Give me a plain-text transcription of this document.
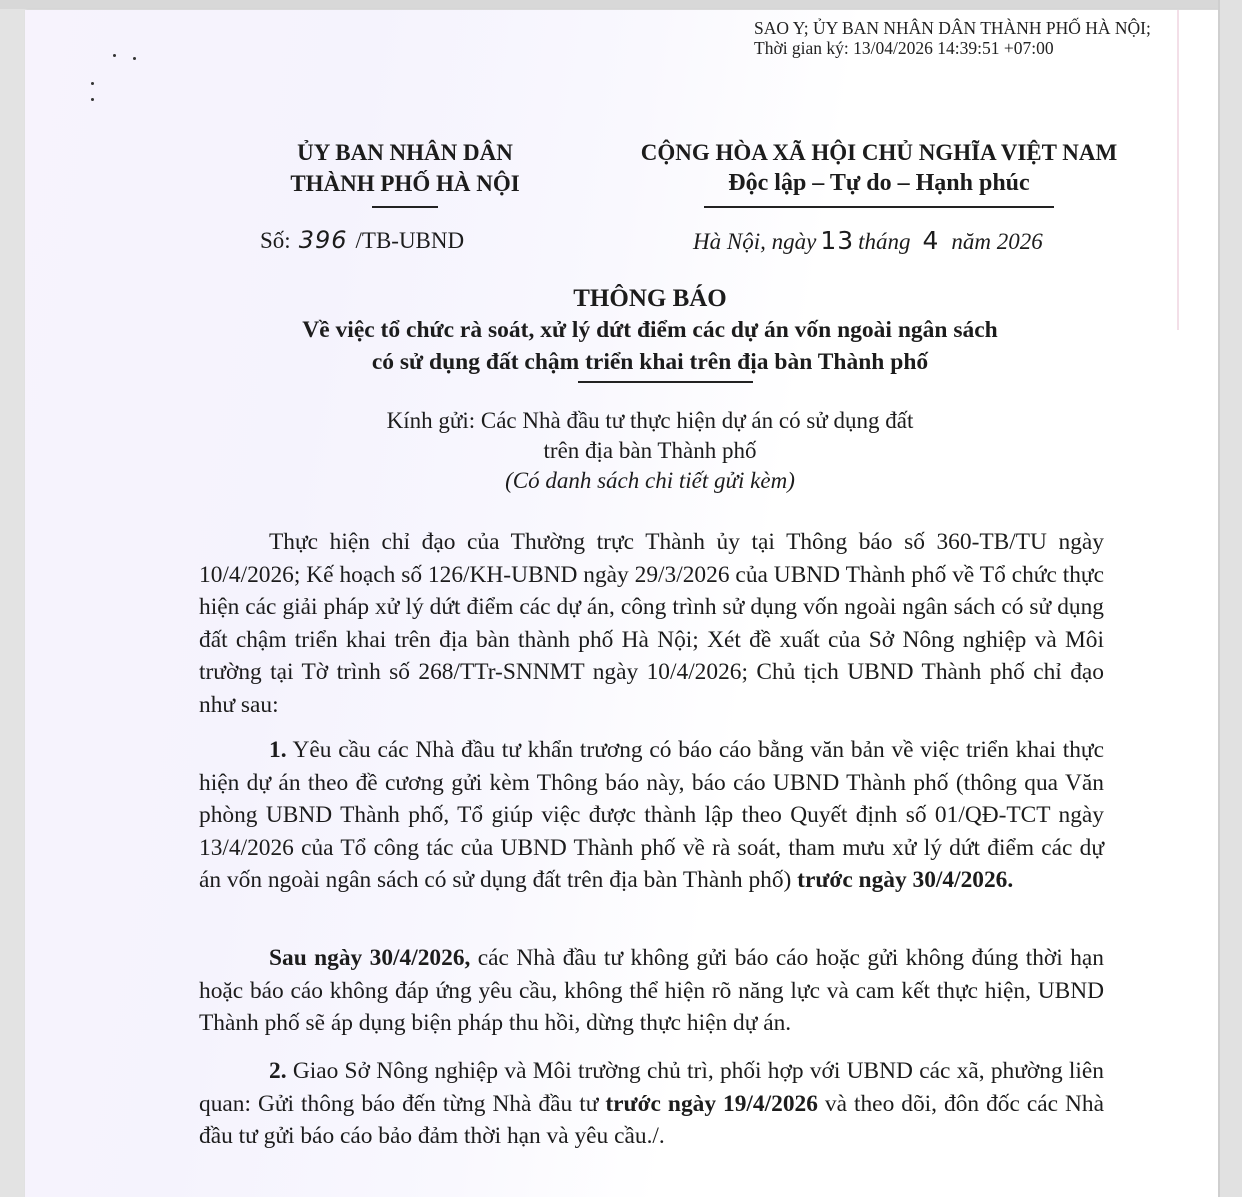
SAO Y; ỦY BAN NHÂN DÂN THÀNH PHỐ HÀ NỘI;
Thời gian ký: 13/04/2026 14:39:51 +07:00
ỦY BAN NHÂN DÂN
THÀNH PHỐ HÀ NỘI
CỘNG HÒA XÃ HỘI CHỦ NGHĨA VIỆT NAM
Độc lập – Tự do – Hạnh phúc
Số: 396 /TB-UBND	Hà Nội, ngày 13 tháng 4 năm 2026
THÔNG BÁO
Về việc tổ chức rà soát, xử lý dứt điểm các dự án vốn ngoài ngân sách
có sử dụng đất chậm triển khai trên địa bàn Thành phố
Kính gửi: Các Nhà đầu tư thực hiện dự án có sử dụng đất
trên địa bàn Thành phố
(Có danh sách chi tiết gửi kèm)

Thực hiện chỉ đạo của Thường trực Thành ủy tại Thông báo số 360-TB/TU ngày 10/4/2026; Kế hoạch số 126/KH-UBND ngày 29/3/2026 của UBND Thành phố về Tổ chức thực hiện các giải pháp xử lý dứt điểm các dự án, công trình sử dụng vốn ngoài ngân sách có sử dụng đất chậm triển khai trên địa bàn thành phố Hà Nội; Xét đề xuất của Sở Nông nghiệp và Môi trường tại Tờ trình số 268/TTr-SNNMT ngày 10/4/2026; Chủ tịch UBND Thành phố chỉ đạo như sau:

1. Yêu cầu các Nhà đầu tư khẩn trương có báo cáo bằng văn bản về việc triển khai thực hiện dự án theo đề cương gửi kèm Thông báo này, báo cáo UBND Thành phố (thông qua Văn phòng UBND Thành phố, Tổ giúp việc được thành lập theo Quyết định số 01/QĐ-TCT ngày 13/4/2026 của Tổ công tác của UBND Thành phố về rà soát, tham mưu xử lý dứt điểm các dự án vốn ngoài ngân sách có sử dụng đất trên địa bàn Thành phố) trước ngày 30/4/2026.

Sau ngày 30/4/2026, các Nhà đầu tư không gửi báo cáo hoặc gửi không đúng thời hạn hoặc báo cáo không đáp ứng yêu cầu, không thể hiện rõ năng lực và cam kết thực hiện, UBND Thành phố sẽ áp dụng biện pháp thu hồi, dừng thực hiện dự án.

2. Giao Sở Nông nghiệp và Môi trường chủ trì, phối hợp với UBND các xã, phường liên quan: Gửi thông báo đến từng Nhà đầu tư trước ngày 19/4/2026 và theo dõi, đôn đốc các Nhà đầu tư gửi báo cáo bảo đảm thời hạn và yêu cầu./.
